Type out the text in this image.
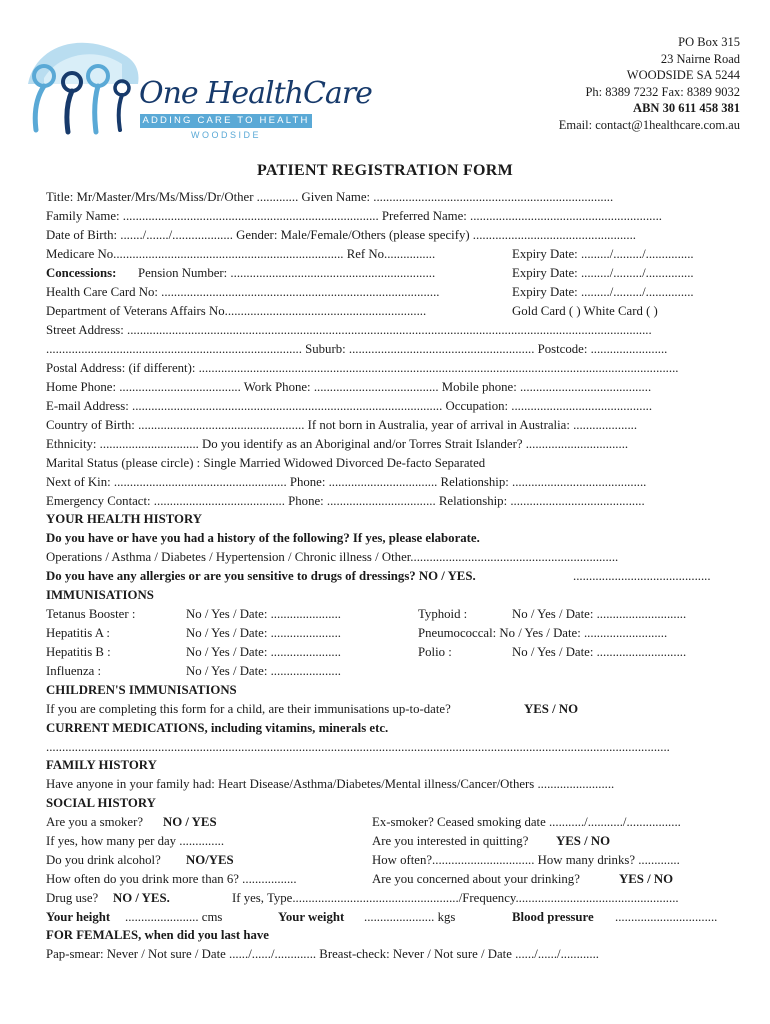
One HealthCare
ADDING CARE TO HEALTH
WOODSIDE
PO Box 315
23 Nairne Road
WOODSIDE SA 5244
Ph: 8389 7232 Fax: 8389 9032
ABN 30 611 458 381
Email: contact@1healthcare.com.au
PATIENT REGISTRATION FORM
Title: Mr/Master/Mrs/Ms/Miss/Dr/Other ............. Given Name: ...........................................................................
Family Name: ................................................................................ Preferred Name: ............................................................
Date of Birth: ......./......./................... Gender: Male/Female/Others (please specify) ...................................................
Medicare No........................................................................ Ref No................	Expiry Date: ........./........./...............
Concessions: Pension Number: ................................................................	Expiry Date: ........./........./...............
Health Care Card No: .......................................................................................	Expiry Date: ........./........./...............
Department of Veterans Affairs No...............................................................	Gold Card ( ) White Card ( )
Street Address: ....................................................................................................................................................................
................................................................................ Suburb: .......................................................... Postcode: ........................
Postal Address: (if different): ......................................................................................................................................................
Home Phone: ...................................... Work Phone: ....................................... Mobile phone: .........................................
E-mail Address: ................................................................................................. Occupation: ............................................
Country of Birth: .................................................... If not born in Australia, year of arrival in Australia: ....................
Ethnicity: ............................... Do you identify as an Aboriginal and/or Torres Strait Islander? ................................
Marital Status (please circle) : Single Married Widowed Divorced De-facto Separated
Next of Kin: ...................................................... Phone: .................................. Relationship: ..........................................
Emergency Contact: ......................................... Phone: .................................. Relationship: ..........................................
YOUR HEALTH HISTORY
Do you have or have you had a history of the following? If yes, please elaborate.
Operations / Asthma / Diabetes / Hypertension / Chronic illness / Other.................................................................
Do you have any allergies or are you sensitive to drugs of dressings? NO / YES.	...........................................
IMMUNISATIONS
Tetanus Booster :	No / Yes / Date: ......................	Typhoid :	No / Yes / Date: ............................
Hepatitis A :	No / Yes / Date: ......................	Pneumococcal: No / Yes / Date: ..........................
Hepatitis B :	No / Yes / Date: ......................	Polio :	No / Yes / Date: ............................
Influenza :	No / Yes / Date: ......................
CHILDREN'S IMMUNISATIONS
If you are completing this form for a child, are their immunisations up-to-date?	YES / NO
CURRENT MEDICATIONS, including vitamins, minerals etc.
...................................................................................................................................................................................................
FAMILY HISTORY
Have anyone in your family had: Heart Disease/Asthma/Diabetes/Mental illness/Cancer/Others ........................
SOCIAL HISTORY
Are you a smoker? NO / YES	Ex-smoker? Ceased smoking date .........../.........../.................
If yes, how many per day ..............	Are you interested in quitting? YES / NO
Do you drink alcohol? NO/YES	How often?................................ How many drinks? .............
How often do you drink more than 6? .................	Are you concerned about your drinking?	YES / NO
Drug use? NO / YES.	If yes, Type..................................................../Frequency...................................................
Your height ....................... cms	Your weight ...................... kgs	Blood pressure ................................
FOR FEMALES, when did you last have
Pap-smear: Never / Not sure / Date ....../....../............. Breast-check: Never / Not sure / Date ....../....../............
